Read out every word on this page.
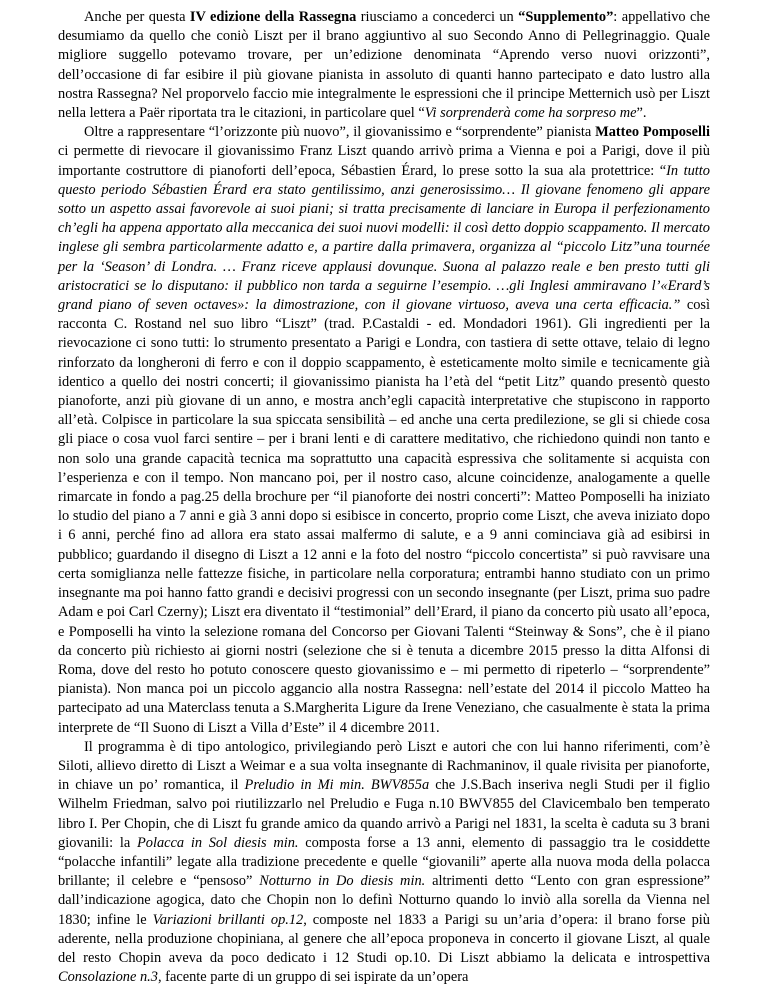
Anche per questa IV edizione della Rassegna riusciamo a concederci un “Supplemento”: appellativo che desumiamo da quello che coniò Liszt per il brano aggiuntivo al suo Secondo Anno di Pellegrinaggio. Quale migliore suggello potevamo trovare, per un’edizione denominata “Aprendo verso nuovi orizzonti”, dell’occasione di far esibire il più giovane pianista in assoluto di quanti hanno partecipato e dato lustro alla nostra Rassegna? Nel proporvelo faccio mie integralmente le espressioni che il principe Metternich usò per Liszt nella lettera a Paër riportata tra le citazioni, in particolare quel “Vi sorprenderà come ha sorpreso me”.

Oltre a rappresentare “l’orizzonte più nuovo”, il giovanissimo e “sorprendente” pianista Matteo Pomposelli ci permette di rievocare il giovanissimo Franz Liszt quando arrivò prima a Vienna e poi a Parigi, dove il più importante costruttore di pianoforti dell’epoca, Sébastien Érard, lo prese sotto la sua ala protettrice: “In tutto questo periodo Sébastien Érard era stato gentilissimo, anzi generosissimo… Il giovane fenomeno gli appare sotto un aspetto assai favorevole ai suoi piani; si tratta precisamente di lanciare in Europa il perfezionamento ch’egli ha appena apportato alla meccanica dei suoi nuovi modelli: il così detto doppio scappamento. Il mercato inglese gli sembra particolarmente adatto e, a partire dalla primavera, organizza al “piccolo Litz”una tournée per la ‘Season’ di Londra. … Franz riceve applausi dovunque. Suona al palazzo reale e ben presto tutti gli aristocratici se lo disputano: il pubblico non tarda a seguirne l’esempio. …gli Inglesi ammiravano l’«Erard’s grand piano of seven octaves»: la dimostrazione, con il giovane virtuoso, aveva una certa efficacia.” così racconta C. Rostand nel suo libro “Liszt” (trad. P.Castaldi - ed. Mondadori 1961). Gli ingredienti per la rievocazione ci sono tutti: lo strumento presentato a Parigi e Londra, con tastiera di sette ottave, telaio di legno rinforzato da longheroni di ferro e con il doppio scappamento, è esteticamente molto simile e tecnicamente già identico a quello dei nostri concerti; il giovanissimo pianista ha l’età del “petit Litz” quando presentò questo pianoforte, anzi più giovane di un anno, e mostra anch’egli capacità interpretative che stupiscono in rapporto all’età. Colpisce in particolare la sua spiccata sensibilità – ed anche una certa predilezione, se gli si chiede cosa gli piace o cosa vuol farci sentire – per i brani lenti e di carattere meditativo, che richiedono quindi non tanto e non solo una grande capacità tecnica ma soprattutto una capacità espressiva che solitamente si acquista con l’esperienza e con il tempo. Non mancano poi, per il nostro caso, alcune coincidenze, analogamente a quelle rimarcate in fondo a pag.25 della brochure per “il pianoforte dei nostri concerti”: Matteo Pomposelli ha iniziato lo studio del piano a 7 anni e già 3 anni dopo si esibisce in concerto, proprio come Liszt, che aveva iniziato dopo i 6 anni, perché fino ad allora era stato assai malfermo di salute, e a 9 anni cominciava già ad esibirsi in pubblico; guardando il disegno di Liszt a 12 anni e la foto del nostro “piccolo concertista” si può ravvisare una certa somiglianza nelle fattezze fisiche, in particolare nella corporatura; entrambi hanno studiato con un primo insegnante ma poi hanno fatto grandi e decisivi progressi con un secondo insegnante (per Liszt, prima suo padre Adam e poi Carl Czerny); Liszt era diventato il “testimonial” dell’Erard, il piano da concerto più usato all’epoca, e Pomposelli ha vinto la selezione romana del Concorso per Giovani Talenti “Steinway & Sons”, che è il piano da concerto più richiesto ai giorni nostri (selezione che si è tenuta a dicembre 2015 presso la ditta Alfonsi di Roma, dove del resto ho potuto conoscere questo giovanissimo e – mi permetto di ripeterlo – “sorprendente” pianista). Non manca poi un piccolo aggancio alla nostra Rassegna: nell’estate del 2014 il piccolo Matteo ha partecipato ad una Materclass tenuta a S.Margherita Ligure da Irene Veneziano, che casualmente è stata la prima interprete de “Il Suono di Liszt a Villa d’Este” il 4 dicembre 2011.

Il programma è di tipo antologico, privilegiando però Liszt e autori che con lui hanno riferimenti, com’è Siloti, allievo diretto di Liszt a Weimar e a sua volta insegnante di Rachmaninov, il quale rivisita per pianoforte, in chiave un po’ romantica, il Preludio in Mi min. BWV855a che J.S.Bach inseriva negli Studi per il figlio Wilhelm Friedman, salvo poi riutilizzarlo nel Preludio e Fuga n.10 BWV855 del Clavicembalo ben temperato libro I. Per Chopin, che di Liszt fu grande amico da quando arrivò a Parigi nel 1831, la scelta è caduta su 3 brani giovanili: la Polacca in Sol diesis min. composta forse a 13 anni, elemento di passaggio tra le cosiddette “polacche infantili” legate alla tradizione precedente e quelle “giovanili” aperte alla nuova moda della polacca brillante; il celebre e “pensoso” Notturno in Do diesis min. altrimenti detto “Lento con gran espressione” dall’indicazione agogica, dato che Chopin non lo definì Notturno quando lo inviò alla sorella da Vienna nel 1830; infine le Variazioni brillanti op.12, composte nel 1833 a Parigi su un’aria d’opera: il brano forse più aderente, nella produzione chopiniana, al genere che all’epoca proponeva in concerto il giovane Liszt, al quale del resto Chopin aveva da poco dedicato i 12 Studi op.10. Di Liszt abbiamo la delicata e introspettiva Consolazione n.3, facente parte di un gruppo di sei ispirate da un’opera
